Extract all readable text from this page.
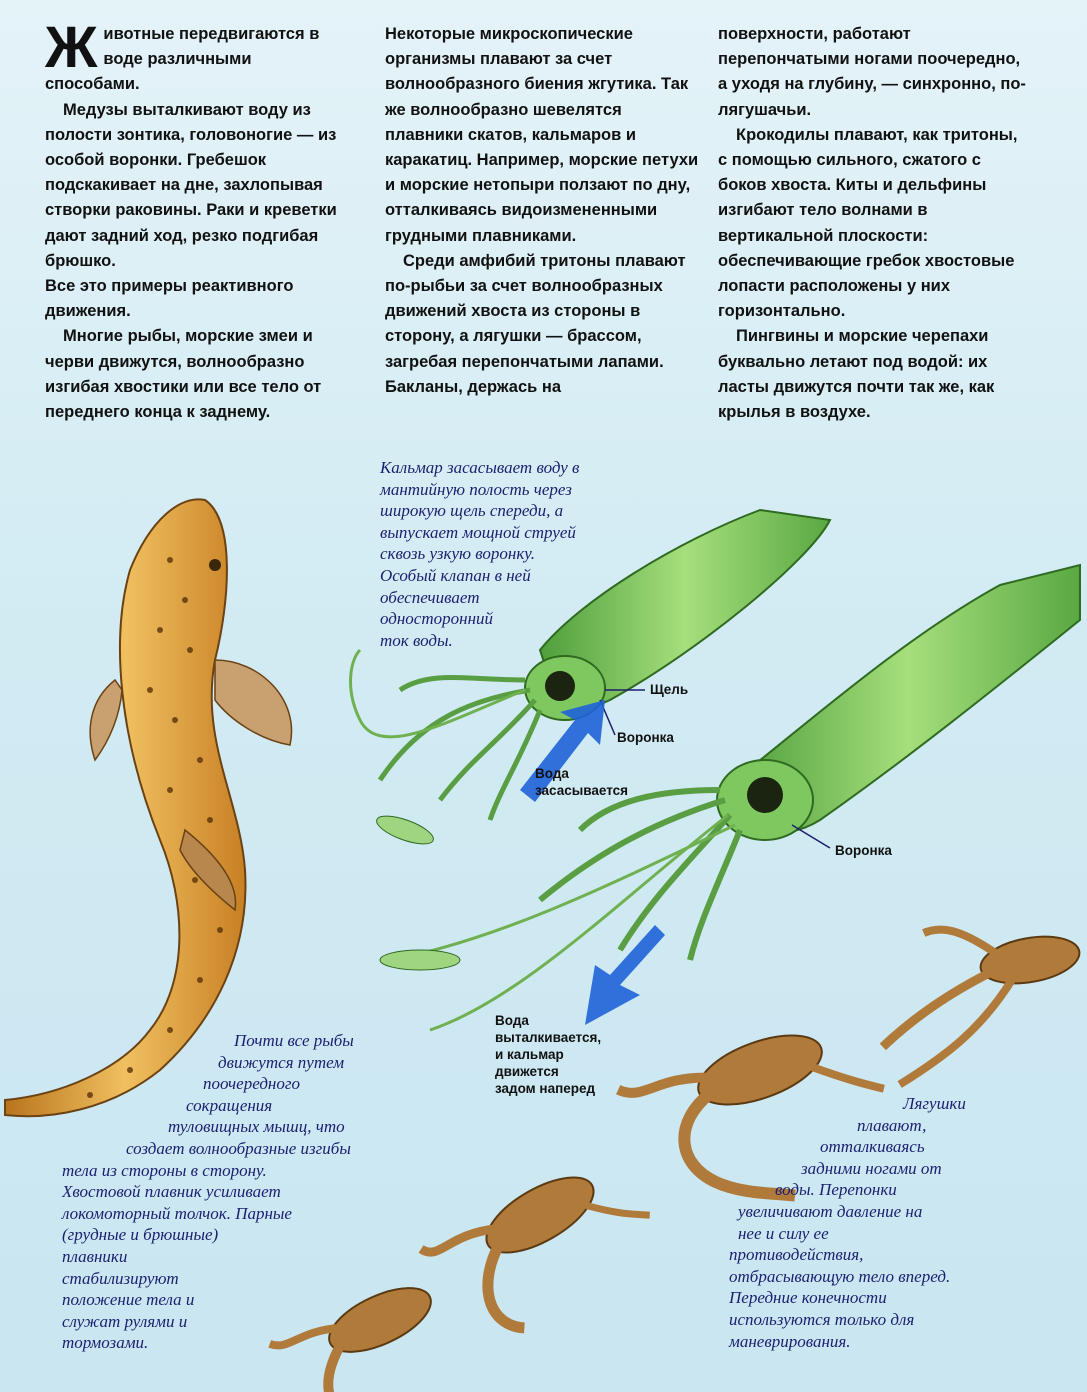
Животные передвигаются в воде различными способами.

Медузы выталкивают воду из полости зонтика, головоногие — из особой воронки. Гребешок подскакивает на дне, захлопывая створки раковины. Раки и креветки дают задний ход, резко подгибая брюшко.

Все это примеры реактивного движения.

Многие рыбы, морские змеи и черви движутся, волнообразно изгибая хвостики или все тело от переднего конца к заднему.

Некоторые микроскопические организмы плавают за счет волнообразного биения жгутика. Так же волнообразно шевелятся плавники скатов, кальмаров и каракатиц. Например, морские петухи и морские нетопыри ползают по дну, отталкиваясь видоизмененными грудными плавниками.

Среди амфибий тритоны плавают по-рыбьи за счет волнообразных движений хвоста из стороны в сторону, а лягушки — брассом, загребая перепончатыми лапами. Бакланы, держась на

поверхности, работают перепончатыми ногами поочередно, а уходя на глубину, — синхронно, по-лягушачьи.

Крокодилы плавают, как тритоны, с помощью сильного, сжатого с боков хвоста. Киты и дельфины изгибают тело волнами в вертикальной плоскости: обеспечивающие гребок хвостовые лопасти расположены у них горизонтально.

Пингвины и морские черепахи буквально летают под водой: их ласты движутся почти так же, как крылья в воздухе.

Кальмар засасывает воду в

мантийную полость через

широкую щель спереди, а

выпускает мощной струей

сквозь узкую воронку.

Особый клапан в ней

обеспечивает

односторонний

ток воды.

Щель
Воронка
Вода
засасывается
Воронка
Вода
выталкивается,
и кальмар
движется
задом наперед

Почти все рыбы

движутся путем

поочередного

сокращения

туловищных мышц, что

создает волнообразные изгибы

тела из стороны в сторону.

Хвостовой плавник усиливает

локомоторный толчок. Парные

(грудные и брюшные)

плавники

стабилизируют

положение тела и

служат рулями и

тормозами.

Лягушки

плавают,

отталкиваясь

задними ногами от

воды. Перепонки

увеличивают давление на

нее и силу ее

противодействия,

отбрасывающую тело вперед.

Передние конечности

используются только для

маневрирования.
